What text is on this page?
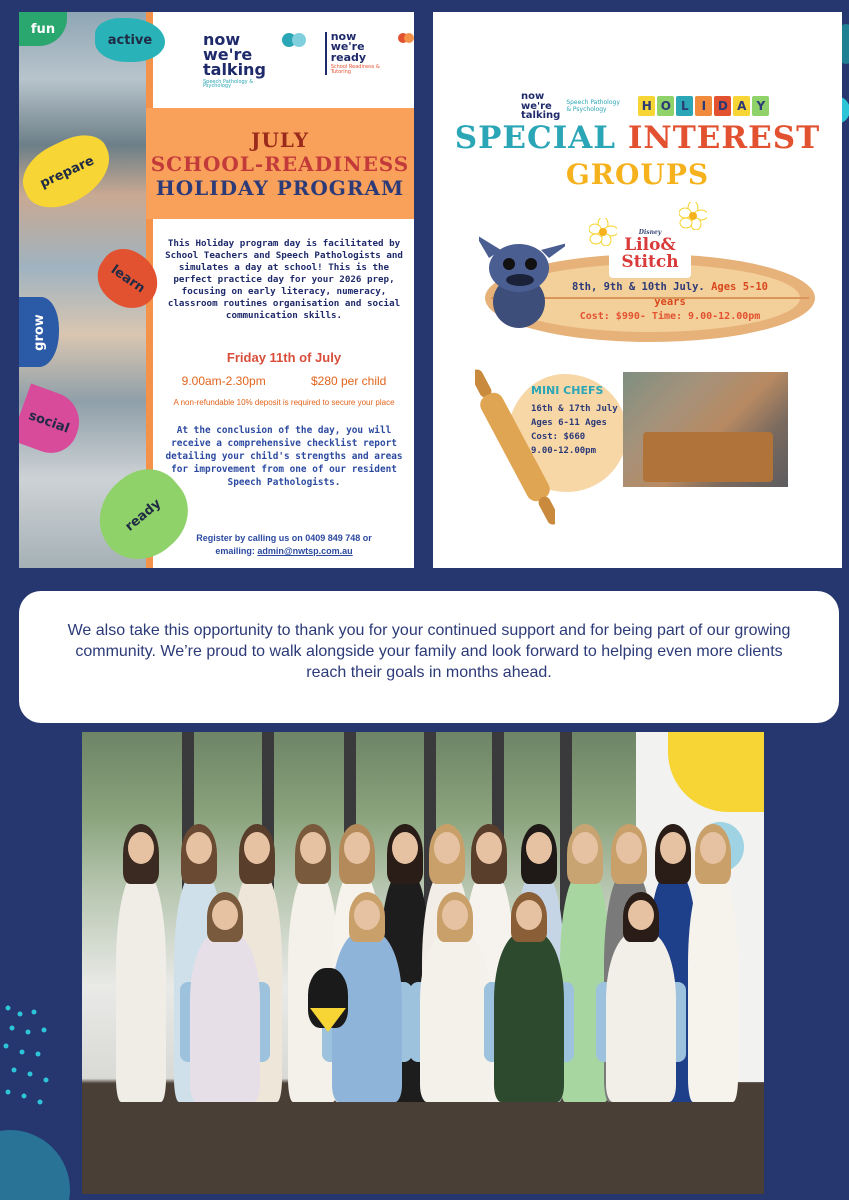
fun
active
prepare
learn
grow
social
ready
now
we're
talking
Speech Pathology & Psychology
now
we're
ready
School Readiness & Tutoring
JULY
SCHOOL-READINESS
HOLIDAY PROGRAM
This Holiday program day is facilitated by School Teachers and Speech Pathologists and simulates a day at school! This is the perfect practice day for your 2026 prep, focusing on early literacy, numeracy, classroom routines organisation and social communication skills.
Friday 11th of July
9.00am-2.30pm	$280 per child
A non-refundable 10% deposit is required to secure your place
At the conclusion of the day, you will receive a comprehensive checklist report detailing your child's strengths and areas for improvement from one of our resident Speech Pathologists.
Register by calling us on 0409 849 748 or
emailing: admin@nwtsp.com.au
now
we're
talking
Speech Pathology & Psychology	H O L	I D A Y
SPECIAL INTEREST
GROUPS
Disney
Lilo&
Stitch
8th, 9th & 10th July. Ages 5-10 years
Cost: $990- Time: 9.00-12.00pm
MINI CHEFS
16th & 17th July
Ages 6-11 Ages
Cost: $660
9.00-12.00pm
We also take this opportunity to thank you for your continued support and for being part of our growing community. We’re proud to walk alongside your family and look forward to helping even more clients reach their goals in months ahead.
